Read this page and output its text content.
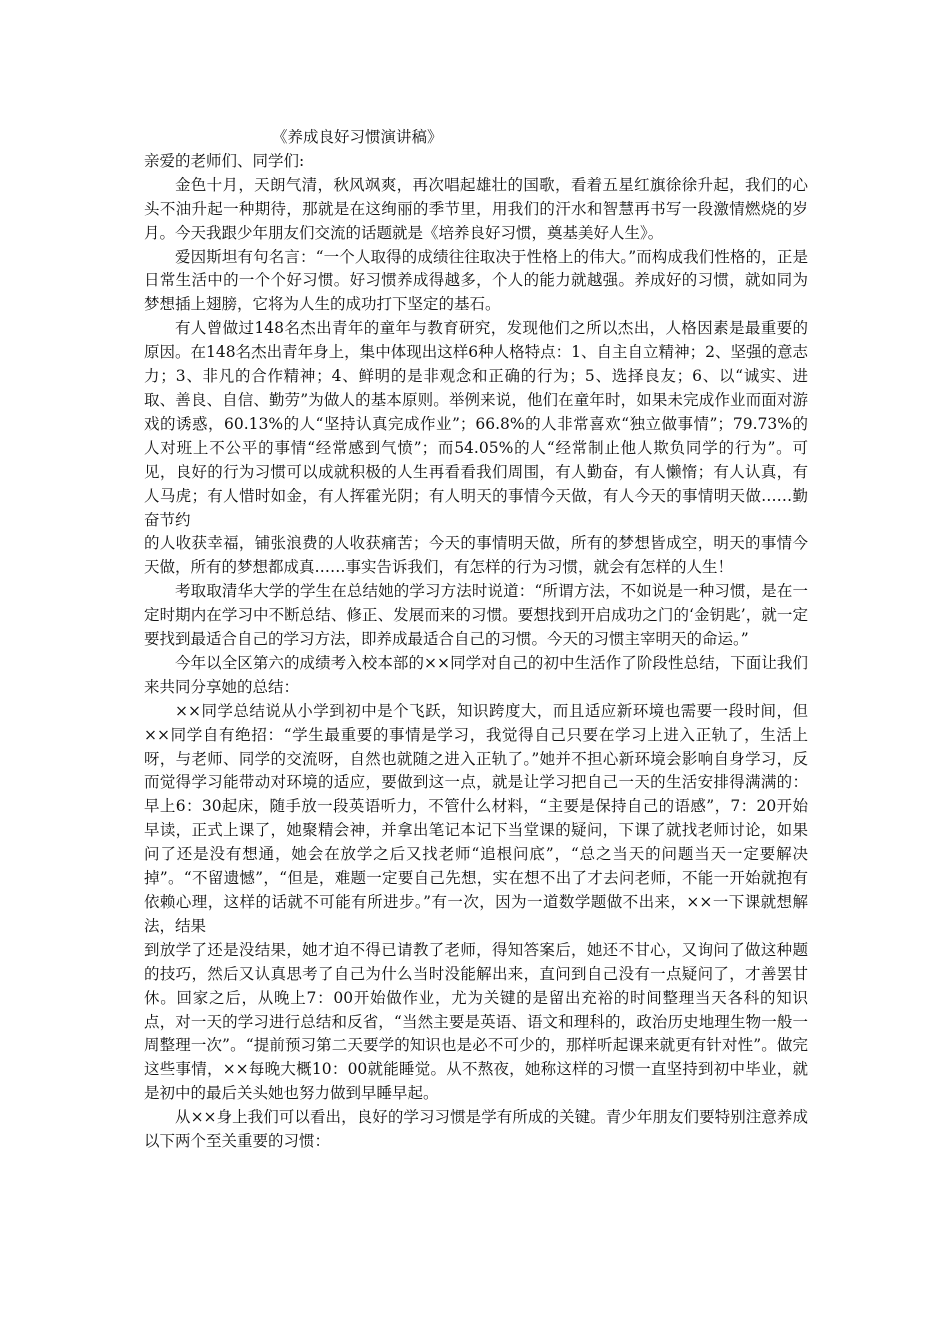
《养成良好习惯演讲稿》

亲爱的老师们、同学们:

金色十月，天朗气清，秋风飒爽，再次唱起雄壮的国歌，看着五星红旗徐徐升起，我们的心头不油升起一种期待，那就是在这绚丽的季节里，用我们的汗水和智慧再书写一段激情燃烧的岁月。今天我跟少年朋友们交流的话题就是《培养良好习惯，奠基美好人生》。

爱因斯坦有句名言：“一个人取得的成绩往往取决于性格上的伟大。”而构成我们性格的，正是日常生活中的一个个好习惯。好习惯养成得越多，个人的能力就越强。养成好的习惯，就如同为梦想插上翅膀，它将为人生的成功打下坚定的基石。

有人曾做过148名杰出青年的童年与教育研究，发现他们之所以杰出，人格因素是最重要的原因。在148名杰出青年身上，集中体现出这样6种人格特点：1、自主自立精神；2、坚强的意志力；3、非凡的合作精神；4、鲜明的是非观念和正确的行为；5、选择良友；6、以“诚实、进取、善良、自信、勤劳”为做人的基本原则。举例来说，他们在童年时，如果未完成作业而面对游戏的诱惑，60.13%的人“坚持认真完成作业”；66.8%的人非常喜欢“独立做事情”；79.73%的人对班上不公平的事情“经常感到气愤”；而54.05%的人“经常制止他人欺负同学的行为”。可见，良好的行为习惯可以成就积极的人生再看看我们周围，有人勤奋，有人懒惰；有人认真，有人马虎；有人惜时如金，有人挥霍光阴；有人明天的事情今天做，有人今天的事情明天做……勤奋节约

的人收获幸福，铺张浪费的人收获痛苦；今天的事情明天做，所有的梦想皆成空，明天的事情今天做，所有的梦想都成真……事实告诉我们，有怎样的行为习惯，就会有怎样的人生！

考取取清华大学的学生在总结她的学习方法时说道：“所谓方法，不如说是一种习惯，是在一定时期内在学习中不断总结、修正、发展而来的习惯。要想找到开启成功之门的‘金钥匙’，就一定要找到最适合自己的学习方法，即养成最适合自己的习惯。今天的习惯主宰明天的命运。”

今年以全区第六的成绩考入校本部的××同学对自己的初中生活作了阶段性总结，下面让我们来共同分享她的总结：

××同学总结说从小学到初中是个飞跃，知识跨度大，而且适应新环境也需要一段时间，但××同学自有绝招：“学生最重要的事情是学习，我觉得自己只要在学习上进入正轨了，生活上呀，与老师、同学的交流呀，自然也就随之进入正轨了。”她并不担心新环境会影响自身学习，反而觉得学习能带动对环境的适应，要做到这一点，就是让学习把自己一天的生活安排得满满的：早上6：30起床，随手放一段英语听力，不管什么材料，“主要是保持自己的语感”，7：20开始早读，正式上课了，她聚精会神，并拿出笔记本记下当堂课的疑问，下课了就找老师讨论，如果问了还是没有想通，她会在放学之后又找老师“追根问底”，“总之当天的问题当天一定要解决掉”。“不留遗憾”，“但是，难题一定要自己先想，实在想不出了才去问老师，不能一开始就抱有依赖心理，这样的话就不可能有所进步。”有一次，因为一道数学题做不出来，××一下课就想解法，结果

到放学了还是没结果，她才迫不得已请教了老师，得知答案后，她还不甘心，又询问了做这种题的技巧，然后又认真思考了自己为什么当时没能解出来，直问到自己没有一点疑问了，才善罢甘休。回家之后，从晚上7：00开始做作业，尤为关键的是留出充裕的时间整理当天各科的知识点，对一天的学习进行总结和反省，“当然主要是英语、语文和理科的，政治历史地理生物一般一周整理一次”。“提前预习第二天要学的知识也是必不可少的，那样听起课来就更有针对性”。做完这些事情，××每晚大概10：00就能睡觉。从不熬夜，她称这样的习惯一直坚持到初中毕业，就是初中的最后关头她也努力做到早睡早起。

从××身上我们可以看出，良好的学习习惯是学有所成的关键。青少年朋友们要特别注意养成以下两个至关重要的习惯：
